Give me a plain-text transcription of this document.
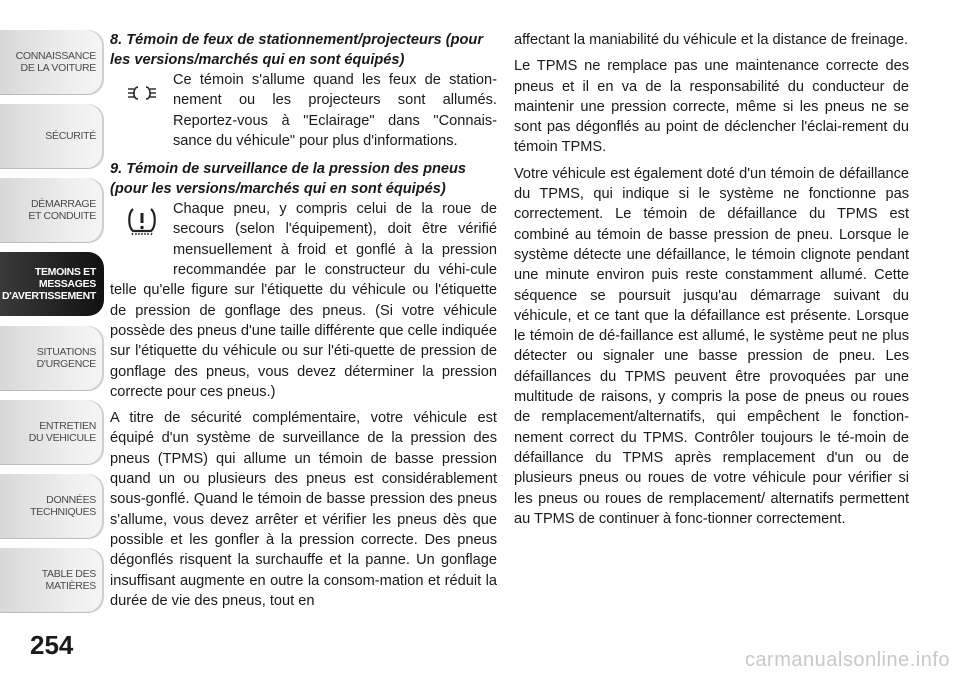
CONNAISSANCE
DE LA VOITURE
SÉCURITÉ
DÉMARRAGE
ET CONDUITE
TEMOINS ET
MESSAGES
D'AVERTISSEMENT
SITUATIONS
D'URGENCE
ENTRETIEN
DU VEHICULE
DONNÉES
TECHNIQUES
TABLE DES
MATIÈRES
254
8. Témoin de feux de stationnement/projecteurs (pour les versions/marchés qui en sont équipés)
Ce témoin s'allume quand les feux de station-nement ou les projecteurs sont allumés. Reportez-vous à "Eclairage" dans "Connais-sance du véhicule" pour plus d'informations.
9. Témoin de surveillance de la pression des pneus (pour les versions/marchés qui en sont équipés)
Chaque pneu, y compris celui de la roue de secours (selon l'équipement), doit être vérifié mensuellement à froid et gonflé à la pression recommandée par le constructeur du véhi-cule telle qu'elle figure sur l'étiquette du véhicule ou l'étiquette de pression de gonflage des pneus. (Si votre véhicule possède des pneus d'une taille différente que celle indiquée sur l'étiquette du véhicule ou sur l'éti-quette de pression de gonflage des pneus, vous devez déterminer la pression correcte pour ces pneus.)
A titre de sécurité complémentaire, votre véhicule est équipé d'un système de surveillance de la pression des pneus (TPMS) qui allume un témoin de basse pression quand un ou plusieurs des pneus est considérablement sous-gonflé. Quand le témoin de basse pression des pneus s'allume, vous devez arrêter et vérifier les pneus dès que possible et les gonfler à la pression correcte. Des pneus dégonflés risquent la surchauffe et la panne. Un gonflage insuffisant augmente en outre la consom-mation et réduit la durée de vie des pneus, tout en
affectant la maniabilité du véhicule et la distance de freinage.
Le TPMS ne remplace pas une maintenance correcte des pneus et il en va de la responsabilité du conducteur de maintenir une pression correcte, même si les pneus ne se sont pas dégonflés au point de déclencher l'éclai-rement du témoin TPMS.
Votre véhicule est également doté d'un témoin de défaillance du TPMS, qui indique si le système ne fonctionne pas correctement. Le témoin de défaillance du TPMS est combiné au témoin de basse pression de pneu. Lorsque le système détecte une défaillance, le témoin clignote pendant une minute environ puis reste constamment allumé. Cette séquence se poursuit jusqu'au démarrage suivant du véhicule, et ce tant que la défaillance est présente. Lorsque le témoin de dé-faillance est allumé, le système peut ne plus détecter ou signaler une basse pression de pneu. Les défaillances du TPMS peuvent être provoquées par une multitude de raisons, y compris la pose de pneus ou roues de remplacement/alternatifs, qui empêchent le fonction-nement correct du TPMS. Contrôler toujours le té-moin de défaillance du TPMS après remplacement d'un ou de plusieurs pneus ou roues de votre véhicule pour vérifier si les pneus ou roues de remplacement/ alternatifs permettent au TPMS de continuer à fonc-tionner correctement.
carmanualsonline.info
